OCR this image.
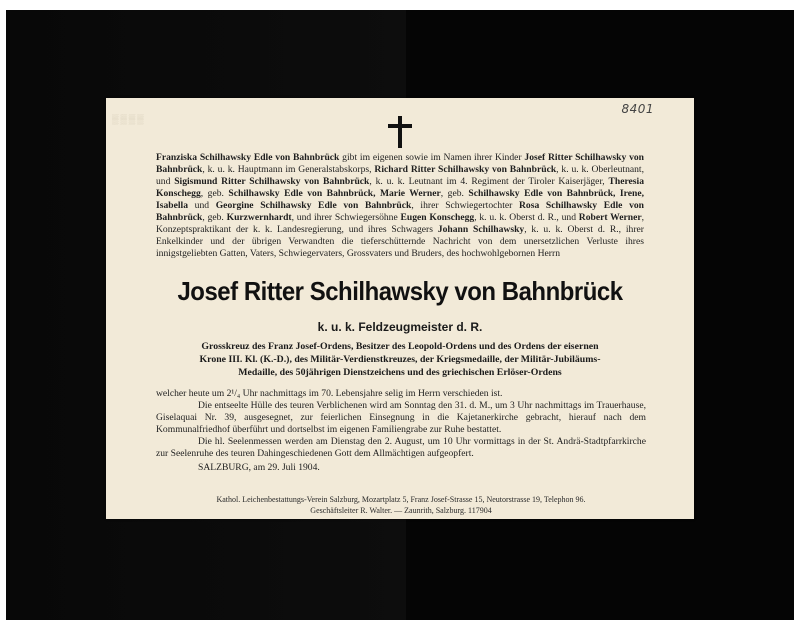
▒▒▒▒
8401
Franziska Schilhawsky Edle von Bahnbrück gibt im eigenen sowie im Namen ihrer Kinder Josef Ritter Schilhawsky von Bahnbrück, k. u. k. Hauptmann im Generalstabskorps, Richard Ritter Schilhawsky von Bahnbrück, k. u. k. Oberleutnant, und Sigismund Ritter Schilhawsky von Bahnbrück, k. u. k. Leutnant im 4. Regiment der Tiroler Kaiserjäger, Theresia Konschegg, geb. Schilhawsky Edle von Bahnbrück, Marie Werner, geb. Schilhawsky Edle von Bahnbrück, Irene, Isabella und Georgine Schilhawsky Edle von Bahnbrück, ihrer Schwiegertochter Rosa Schilhawsky Edle von Bahnbrück, geb. Kurzwernhardt, und ihrer Schwiegersöhne Eugen Konschegg, k. u. k. Oberst d. R., und Robert Werner, Konzeptspraktikant der k. k. Landesregierung, und ihres Schwagers Johann Schilhawsky, k. u. k. Oberst d. R., ihrer Enkelkinder und der übrigen Verwandten die tieferschütternde Nachricht von dem unersetzlichen Verluste ihres innigstgeliebten Gatten, Vaters, Schwiegervaters, Grossvaters und Bruders, des hochwohlgebornen Herrn
Josef Ritter Schilhawsky von Bahnbrück
k. u. k. Feldzeugmeister d. R.
Grosskreuz des Franz Josef-Ordens, Besitzer des Leopold-Ordens und des Ordens der eisernen Krone III. Kl. (K.-D.), des Militär-Verdienstkreuzes, der Kriegsmedaille, der Militär-Jubiläums-Medaille, des 50jährigen Dienstzeichens und des griechischen Erlöser-Ordens
welcher heute um 2¹/₄ Uhr nachmittags im 70. Lebensjahre selig im Herrn verschieden ist.
Die entseelte Hülle des teuren Verblichenen wird am Sonntag den 31. d. M., um 3 Uhr nachmittags im Trauerhause, Giselaquai Nr. 39, ausgesegnet, zur feierlichen Einsegnung in die Kajetanerkirche gebracht, hierauf nach dem Kommunalfriedhof überführt und dortselbst im eigenen Familiengrabe zur Ruhe bestattet.
Die hl. Seelenmessen werden am Dienstag den 2. August, um 10 Uhr vormittags in der St. Andrä-Stadtpfarrkirche zur Seelenruhe des teuren Dahingeschiedenen Gott dem Allmächtigen aufgeopfert.
SALZBURG, am 29. Juli 1904.
Kathol. Leichenbestattungs-Verein Salzburg, Mozartplatz 5, Franz Josef-Strasse 15, Neutorstrasse 19, Telephon 96.
Geschäftsleiter R. Walter. — Zaunrith, Salzburg. 117904
